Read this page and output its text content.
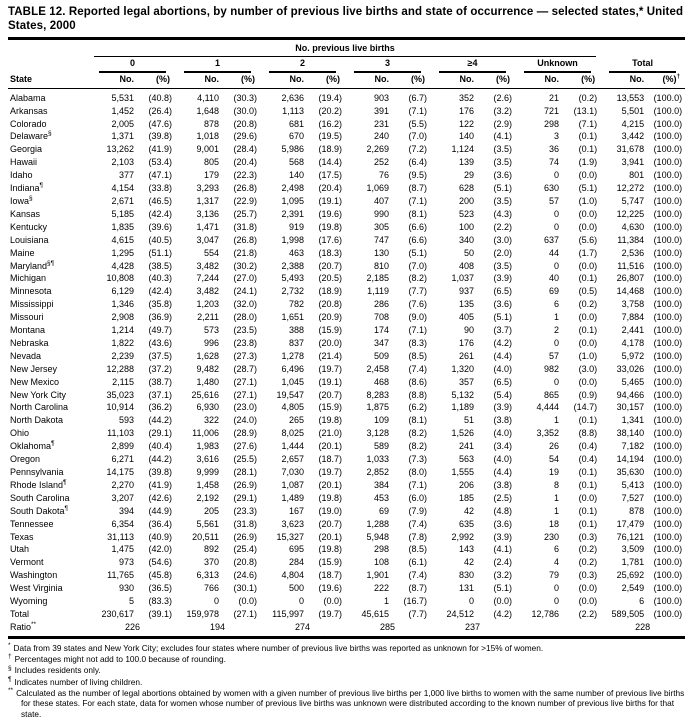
TABLE 12. Reported legal abortions, by number of previous live births and state of occurrence — selected states,* United States, 2000

	No. previous live births													

	0		1		2		3		≥4		Unknown		Total	

State	No.	(%)	No.	(%)	No.	(%)	No.	(%)	No.	(%)	No.	(%)	No.	(%)†
Alabama	5,531	(40.8)	4,110	(30.3)	2,636	(19.4)	903	(6.7)	352	(2.6)	21	(0.2)	13,553	(100.0)
Arkansas	1,452	(26.4)	1,648	(30.0)	1,113	(20.2)	391	(7.1)	176	(3.2)	721	(13.1)	5,501	(100.0)
Colorado	2,005	(47.6)	878	(20.8)	681	(16.2)	231	(5.5)	122	(2.9)	298	(7.1)	4,215	(100.0)
Delaware§	1,371	(39.8)	1,018	(29.6)	670	(19.5)	240	(7.0)	140	(4.1)	3	(0.1)	3,442	(100.0)
Georgia	13,262	(41.9)	9,001	(28.4)	5,986	(18.9)	2,269	(7.2)	1,124	(3.5)	36	(0.1)	31,678	(100.0)
Hawaii	2,103	(53.4)	805	(20.4)	568	(14.4)	252	(6.4)	139	(3.5)	74	(1.9)	3,941	(100.0)
Idaho	377	(47.1)	179	(22.3)	140	(17.5)	76	(9.5)	29	(3.6)	0	(0.0)	801	(100.0)
Indiana¶	4,154	(33.8)	3,293	(26.8)	2,498	(20.4)	1,069	(8.7)	628	(5.1)	630	(5.1)	12,272	(100.0)
Iowa§	2,671	(46.5)	1,317	(22.9)	1,095	(19.1)	407	(7.1)	200	(3.5)	57	(1.0)	5,747	(100.0)
Kansas	5,185	(42.4)	3,136	(25.7)	2,391	(19.6)	990	(8.1)	523	(4.3)	0	(0.0)	12,225	(100.0)
Kentucky	1,835	(39.6)	1,471	(31.8)	919	(19.8)	305	(6.6)	100	(2.2)	0	(0.0)	4,630	(100.0)
Louisiana	4,615	(40.5)	3,047	(26.8)	1,998	(17.6)	747	(6.6)	340	(3.0)	637	(5.6)	11,384	(100.0)
Maine	1,295	(51.1)	554	(21.8)	463	(18.3)	130	(5.1)	50	(2.0)	44	(1.7)	2,536	(100.0)
Maryland§¶	4,428	(38.5)	3,482	(30.2)	2,388	(20.7)	810	(7.0)	408	(3.5)	0	(0.0)	11,516	(100.0)
Michigan	10,808	(40.3)	7,244	(27.0)	5,493	(20.5)	2,185	(8.2)	1,037	(3.9)	40	(0.1)	26,807	(100.0)
Minnesota	6,129	(42.4)	3,482	(24.1)	2,732	(18.9)	1,119	(7.7)	937	(6.5)	69	(0.5)	14,468	(100.0)
Mississippi	1,346	(35.8)	1,203	(32.0)	782	(20.8)	286	(7.6)	135	(3.6)	6	(0.2)	3,758	(100.0)
Missouri	2,908	(36.9)	2,211	(28.0)	1,651	(20.9)	708	(9.0)	405	(5.1)	1	(0.0)	7,884	(100.0)
Montana	1,214	(49.7)	573	(23.5)	388	(15.9)	174	(7.1)	90	(3.7)	2	(0.1)	2,441	(100.0)
Nebraska	1,822	(43.6)	996	(23.8)	837	(20.0)	347	(8.3)	176	(4.2)	0	(0.0)	4,178	(100.0)
Nevada	2,239	(37.5)	1,628	(27.3)	1,278	(21.4)	509	(8.5)	261	(4.4)	57	(1.0)	5,972	(100.0)
New Jersey	12,288	(37.2)	9,482	(28.7)	6,496	(19.7)	2,458	(7.4)	1,320	(4.0)	982	(3.0)	33,026	(100.0)
New Mexico	2,115	(38.7)	1,480	(27.1)	1,045	(19.1)	468	(8.6)	357	(6.5)	0	(0.0)	5,465	(100.0)
New York City	35,023	(37.1)	25,616	(27.1)	19,547	(20.7)	8,283	(8.8)	5,132	(5.4)	865	(0.9)	94,466	(100.0)
North Carolina	10,914	(36.2)	6,930	(23.0)	4,805	(15.9)	1,875	(6.2)	1,189	(3.9)	4,444	(14.7)	30,157	(100.0)
North Dakota	593	(44.2)	322	(24.0)	265	(19.8)	109	(8.1)	51	(3.8)	1	(0.1)	1,341	(100.0)
Ohio	11,103	(29.1)	11,006	(28.9)	8,025	(21.0)	3,128	(8.2)	1,526	(4.0)	3,352	(8.8)	38,140	(100.0)
Oklahoma¶	2,899	(40.4)	1,983	(27.6)	1,444	(20.1)	589	(8.2)	241	(3.4)	26	(0.4)	7,182	(100.0)
Oregon	6,271	(44.2)	3,616	(25.5)	2,657	(18.7)	1,033	(7.3)	563	(4.0)	54	(0.4)	14,194	(100.0)
Pennsylvania	14,175	(39.8)	9,999	(28.1)	7,030	(19.7)	2,852	(8.0)	1,555	(4.4)	19	(0.1)	35,630	(100.0)
Rhode Island¶	2,270	(41.9)	1,458	(26.9)	1,087	(20.1)	384	(7.1)	206	(3.8)	8	(0.1)	5,413	(100.0)
South Carolina	3,207	(42.6)	2,192	(29.1)	1,489	(19.8)	453	(6.0)	185	(2.5)	1	(0.0)	7,527	(100.0)
South Dakota¶	394	(44.9)	205	(23.3)	167	(19.0)	69	(7.9)	42	(4.8)	1	(0.1)	878	(100.0)
Tennessee	6,354	(36.4)	5,561	(31.8)	3,623	(20.7)	1,288	(7.4)	635	(3.6)	18	(0.1)	17,479	(100.0)
Texas	31,113	(40.9)	20,511	(26.9)	15,327	(20.1)	5,948	(7.8)	2,992	(3.9)	230	(0.3)	76,121	(100.0)
Utah	1,475	(42.0)	892	(25.4)	695	(19.8)	298	(8.5)	143	(4.1)	6	(0.2)	3,509	(100.0)
Vermont	973	(54.6)	370	(20.8)	284	(15.9)	108	(6.1)	42	(2.4)	4	(0.2)	1,781	(100.0)
Washington	11,765	(45.8)	6,313	(24.6)	4,804	(18.7)	1,901	(7.4)	830	(3.2)	79	(0.3)	25,692	(100.0)
West Virginia	930	(36.5)	766	(30.1)	500	(19.6)	222	(8.7)	131	(5.1)	0	(0.0)	2,549	(100.0)
Wyoming	5	(83.3)	0	(0.0)	0	(0.0)	1	(16.7)	0	(0.0)	0	(0.0)	6	(100.0)
Total	230,617	(39.1)	159,978	(27.1)	115,997	(19.7)	45,615	(7.7)	24,512	(4.2)	12,786	(2.2)	589,505	(100.0)
Ratio**	226		194		274		285		237				228	
* Data from 39 states and New York City; excludes four states where number of previous live births was reported as unknown for >15% of women.
† Percentages might not add to 100.0 because of rounding.
§ Includes residents only.
¶ Indicates number of living children.
** Calculated as the number of legal abortions obtained by women with a given number of previous live births per 1,000 live births to women with the same number of previous live births for these states. For each state, data for women whose number of previous live births was unknown were distributed according to the known number of previous live births for that state.
